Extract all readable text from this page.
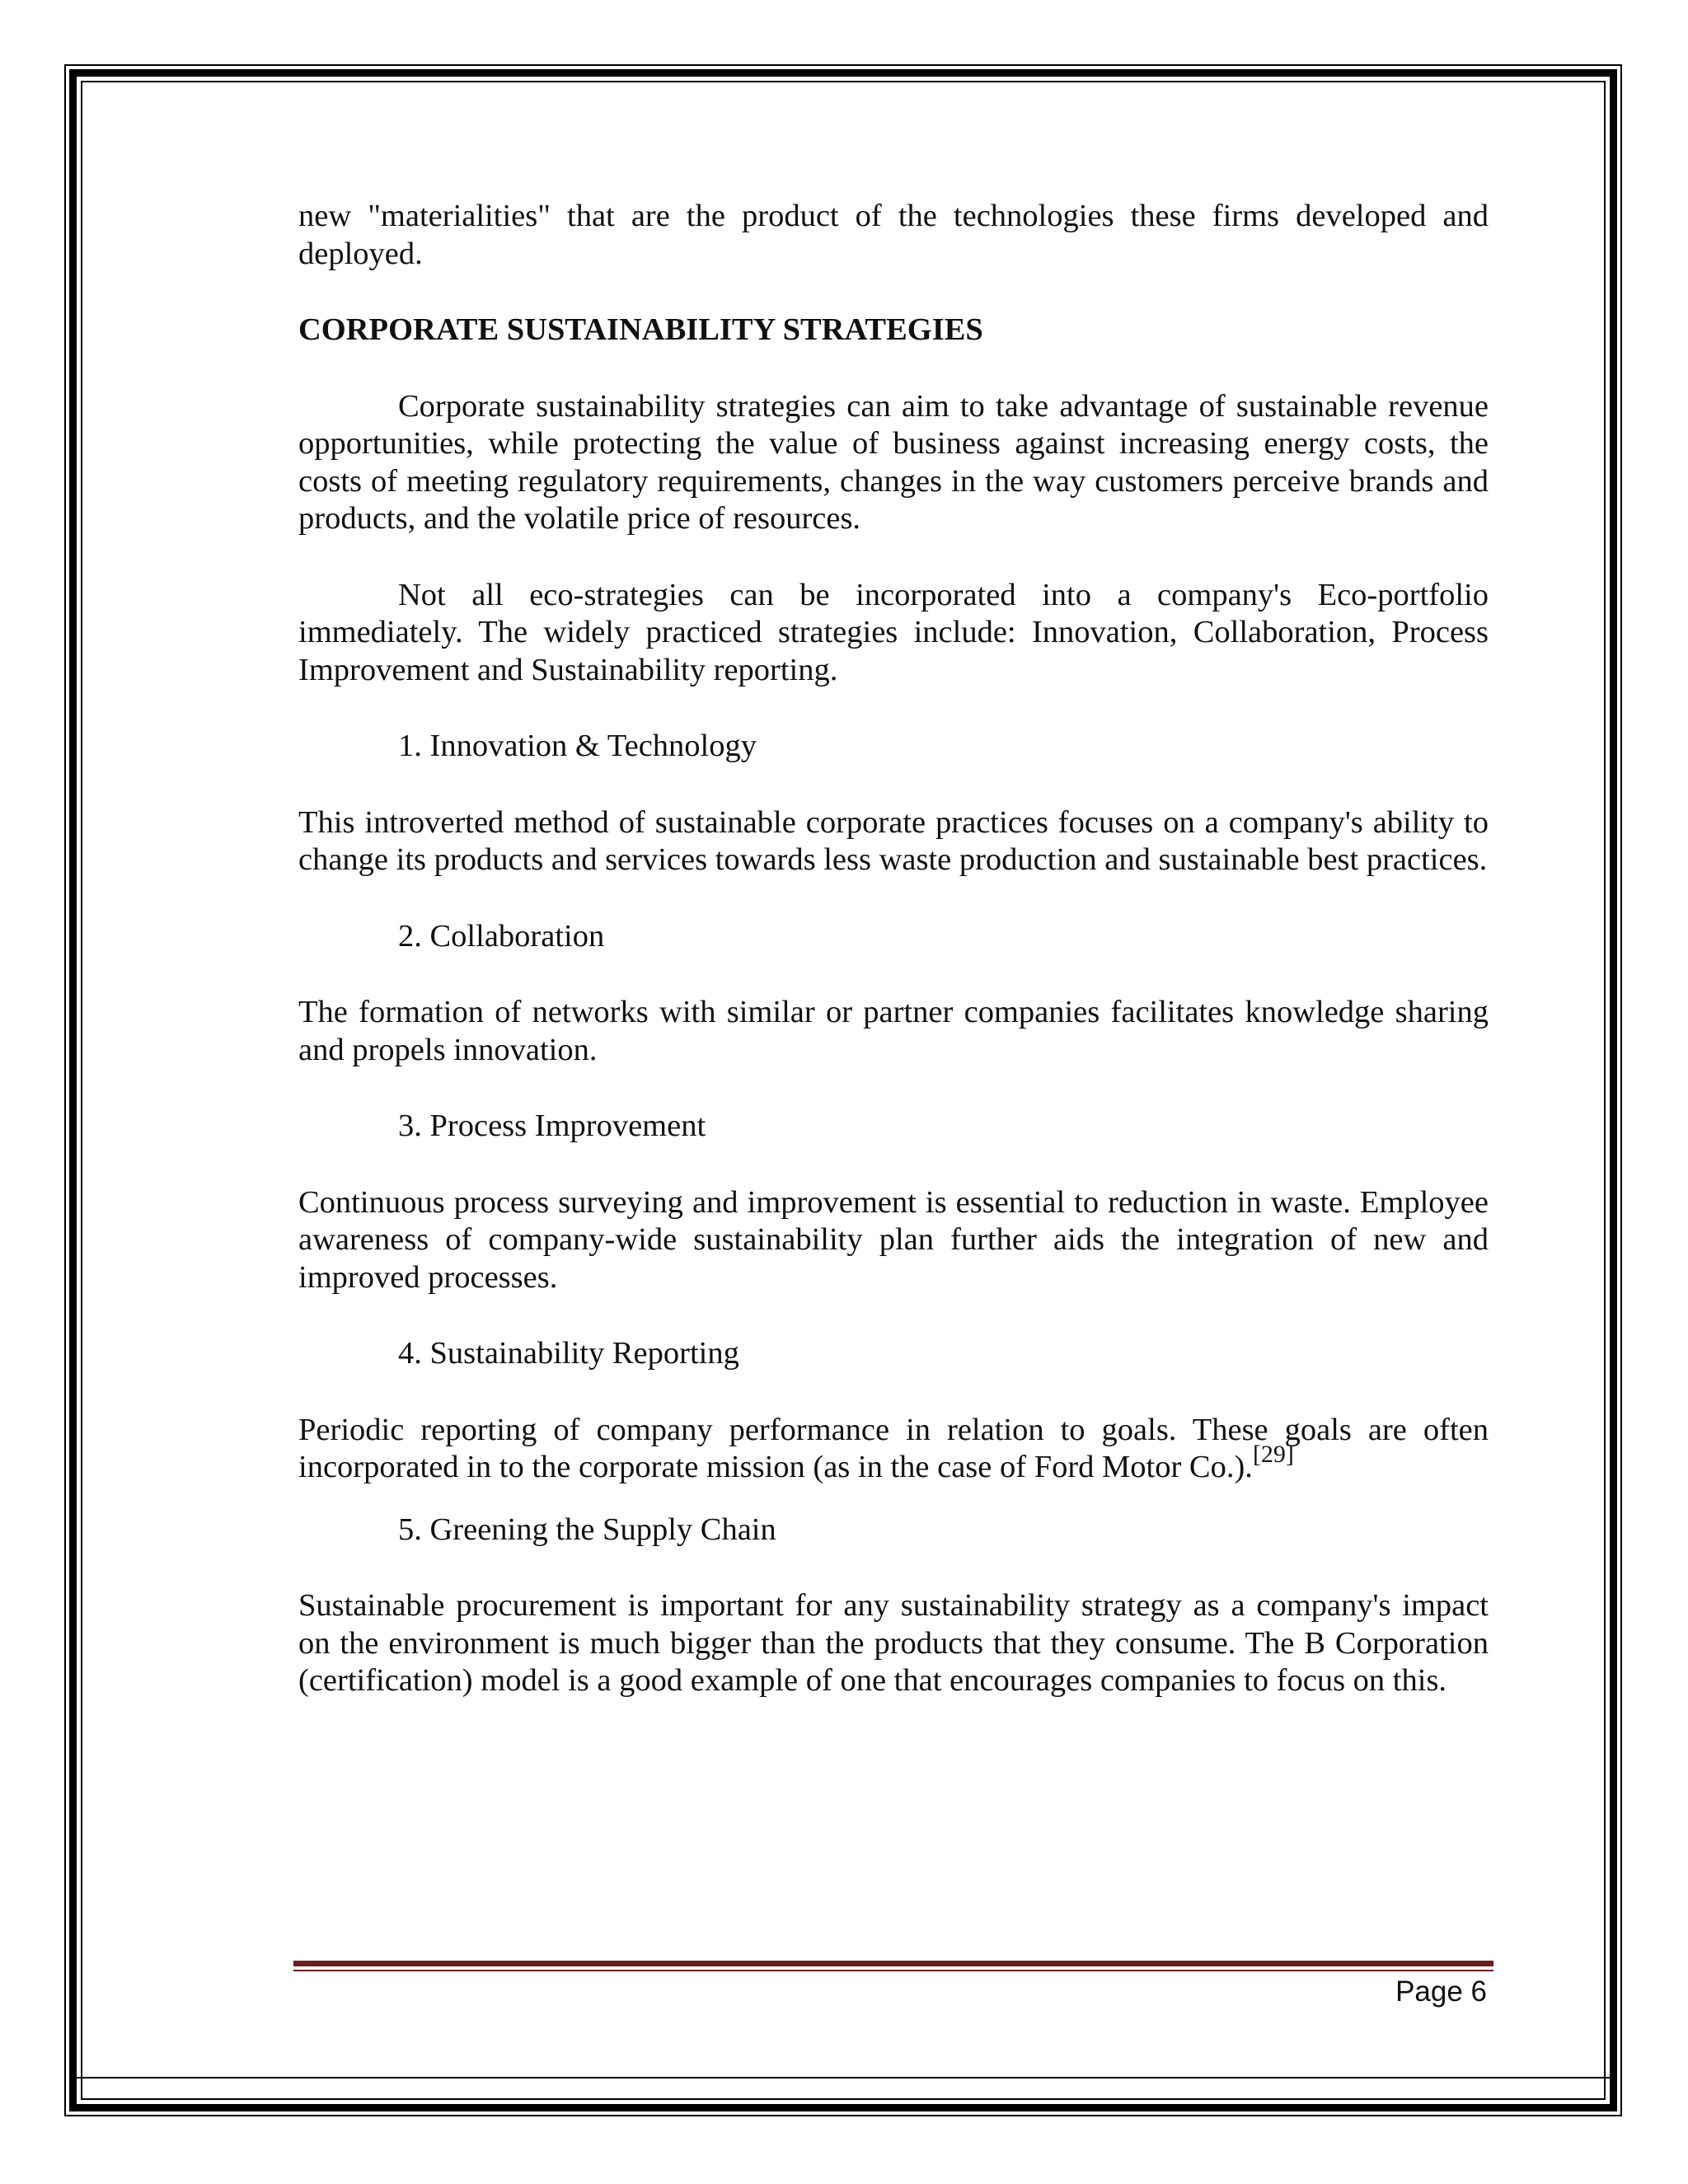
new "materialities" that are the product of the technologies these firms developed and deployed.

CORPORATE SUSTAINABILITY STRATEGIES

Corporate sustainability strategies can aim to take advantage of sustainable revenue opportunities, while protecting the value of business against increasing energy costs, the costs of meeting regulatory requirements, changes in the way customers perceive brands and products, and the volatile price of resources.

Not all eco-strategies can be incorporated into a company's Eco-portfolio immediately. The widely practiced strategies include: Innovation, Collaboration, Process Improvement and Sustainability reporting.

1. Innovation & Technology

This introverted method of sustainable corporate practices focuses on a company's ability to change its products and services towards less waste production and sustainable best practices.

2. Collaboration

The formation of networks with similar or partner companies facilitates knowledge sharing and propels innovation.

3. Process Improvement

Continuous process surveying and improvement is essential to reduction in waste. Employee awareness of company-wide sustainability plan further aids the integration of new and improved processes.

4. Sustainability Reporting

Periodic reporting of company performance in relation to goals. These goals are often incorporated in to the corporate mission (as in the case of Ford Motor Co.).[29]

5. Greening the Supply Chain

Sustainable procurement is important for any sustainability strategy as a company's impact on the environment is much bigger than the products that they consume. The B Corporation (certification) model is a good example of one that encourages companies to focus on this.

Page 6
